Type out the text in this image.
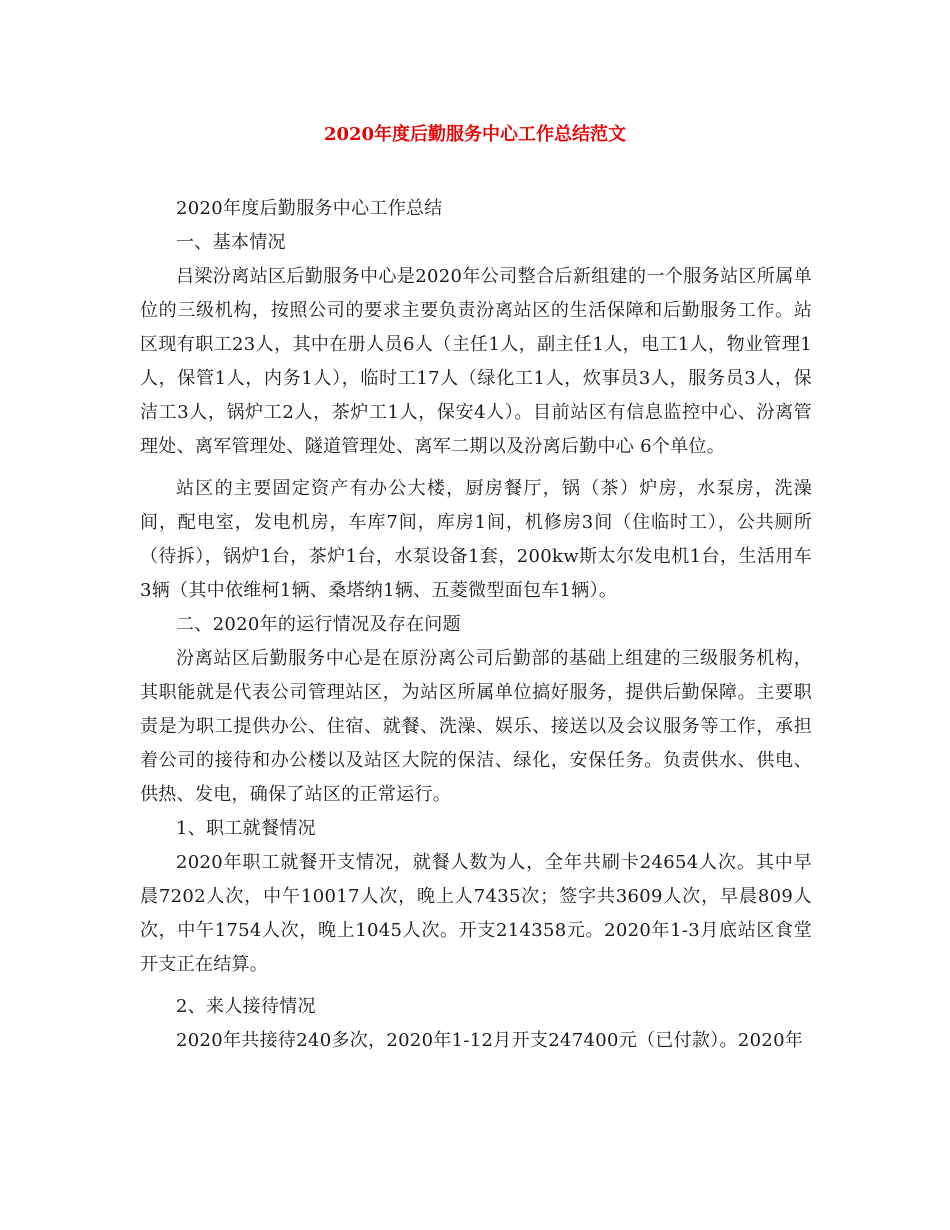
2020年度后勤服务中心工作总结范文

2020年度后勤服务中心工作总结

一、基本情况

吕梁汾离站区后勤服务中心是2020年公司整合后新组建的一个服务站区所属单位的三级机构，按照公司的要求主要负责汾离站区的生活保障和后勤服务工作。站区现有职工23人，其中在册人员6人（主任1人，副主任1人，电工1人，物业管理1人，保管1人，内务1人），临时工17人（绿化工1人，炊事员3人，服务员3人，保洁工3人，锅炉工2人，茶炉工1人，保安4人）。目前站区有信息监控中心、汾离管理处、离军管理处、隧道管理处、离军二期以及汾离后勤中心 6个单位。

站区的主要固定资产有办公大楼，厨房餐厅，锅（茶）炉房，水泵房，洗澡间，配电室，发电机房，车库7间，库房1间，机修房3间（住临时工），公共厕所（待拆），锅炉1台，茶炉1台，水泵设备1套，200kw斯太尔发电机1台，生活用车3辆（其中依维柯1辆、桑塔纳1辆、五菱微型面包车1辆）。

二、2020年的运行情况及存在问题

汾离站区后勤服务中心是在原汾离公司后勤部的基础上组建的三级服务机构，其职能就是代表公司管理站区，为站区所属单位搞好服务，提供后勤保障。主要职责是为职工提供办公、住宿、就餐、洗澡、娱乐、接送以及会议服务等工作，承担着公司的接待和办公楼以及站区大院的保洁、绿化，安保任务。负责供水、供电、供热、发电，确保了站区的正常运行。

1、职工就餐情况

2020年职工就餐开支情况，就餐人数为人，全年共刷卡24654人次。其中早晨7202人次，中午10017人次，晚上人7435次；签字共3609人次，早晨809人次，中午1754人次，晚上1045人次。开支214358元。2020年1-3月底站区食堂开支正在结算。

2、来人接待情况

2020年共接待240多次，2020年1-12月开支247400元（已付款）。2020年
